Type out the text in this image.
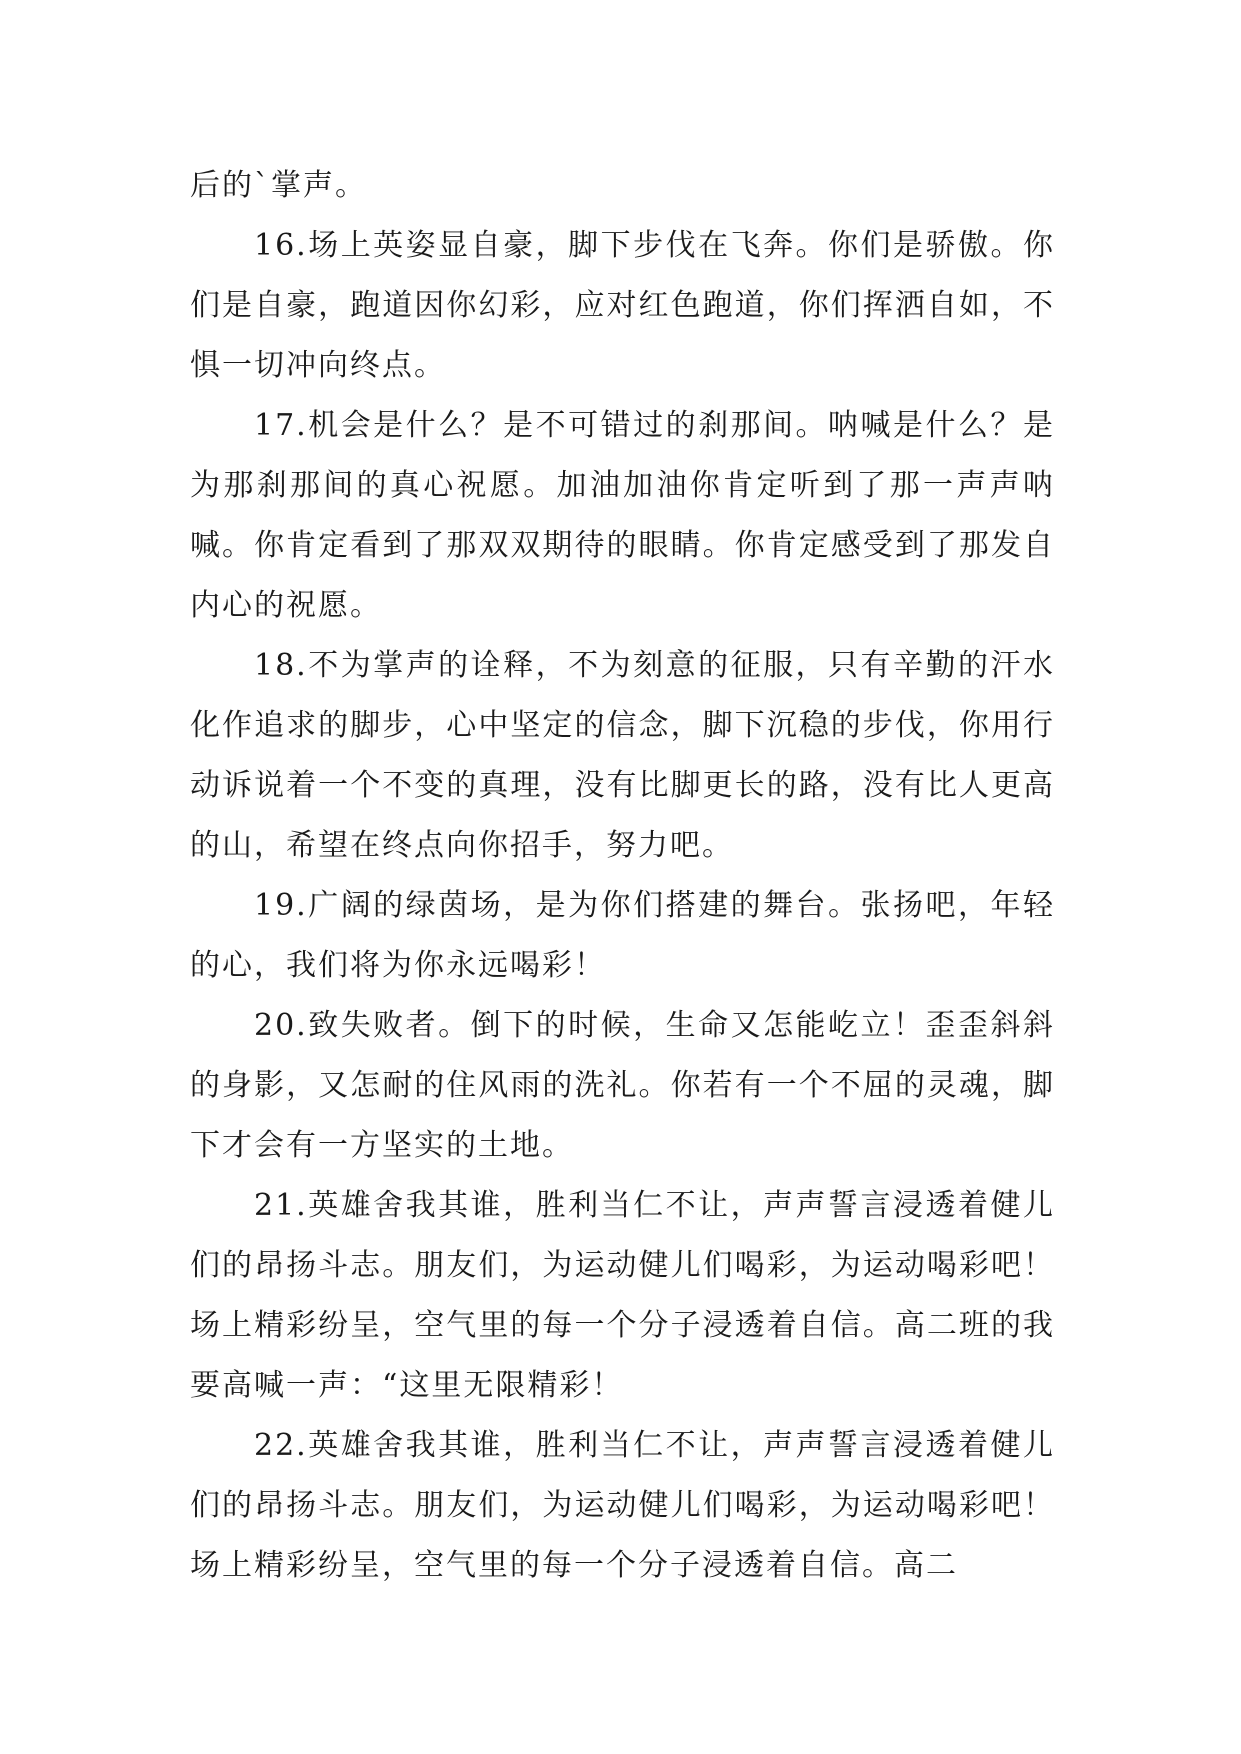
后的`掌声。

16.场上英姿显自豪，脚下步伐在飞奔。你们是骄傲。你们是自豪，跑道因你幻彩，应对红色跑道，你们挥洒自如，不惧一切冲向终点。

17.机会是什么？是不可错过的刹那间。呐喊是什么？是为那刹那间的真心祝愿。加油加油你肯定听到了那一声声呐喊。你肯定看到了那双双期待的眼睛。你肯定感受到了那发自内心的祝愿。

18.不为掌声的诠释，不为刻意的征服，只有辛勤的汗水化作追求的脚步，心中坚定的信念，脚下沉稳的步伐，你用行动诉说着一个不变的真理，没有比脚更长的路，没有比人更高的山，希望在终点向你招手，努力吧。

19.广阔的绿茵场，是为你们搭建的舞台。张扬吧，年轻的心，我们将为你永远喝彩！

20.致失败者。倒下的时候，生命又怎能屹立！歪歪斜斜的身影，又怎耐的住风雨的洗礼。你若有一个不屈的灵魂，脚下才会有一方坚实的土地。

21.英雄舍我其谁，胜利当仁不让，声声誓言浸透着健儿们的昂扬斗志。朋友们，为运动健儿们喝彩，为运动喝彩吧！场上精彩纷呈，空气里的每一个分子浸透着自信。高二班的我要高喊一声：“这里无限精彩！

22.英雄舍我其谁，胜利当仁不让，声声誓言浸透着健儿们的昂扬斗志。朋友们，为运动健儿们喝彩，为运动喝彩吧！场上精彩纷呈，空气里的每一个分子浸透着自信。高二
